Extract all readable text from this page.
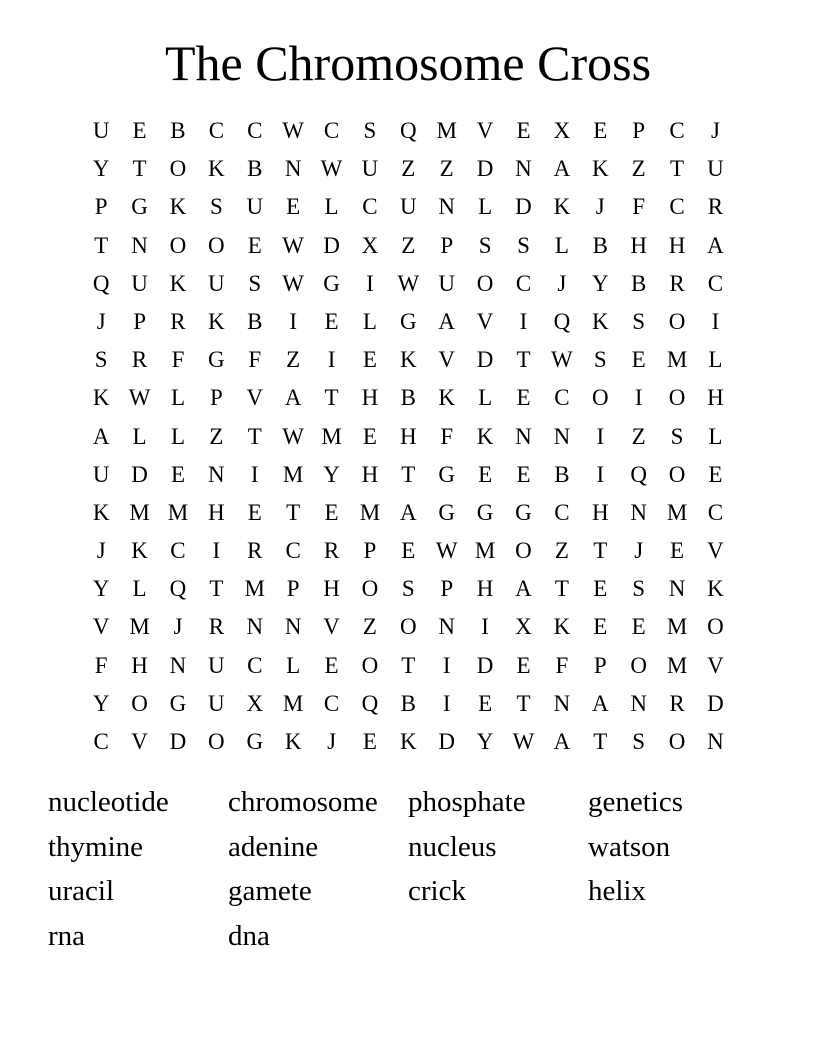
The Chromosome Cross
U	E	B	C	C W C	S	Q M V	E	X	E	P	C	J
Y	T	O K B N W U	Z	Z	D N A K	Z	T	U
P	G K	S	U	E	L	C U N	L	D K	J	F	C	R
T	N O O	E W D X	Z	P	S	S	L	B H H A
Q U K U	S W G	I	W U O C	J	Y B	R	C
J	P	R K B	I	E	L	G A V	I	Q K	S	O	I
S	R	F	G	F	Z	I	E	K V D	T W S	E M L
K W L	P	V A	T	H B K	L	E	C O	I	O H
A	L	L	Z	T W M E	H	F	K N N	I	Z	S	L
U D	E	N	I	M Y H	T	G	E	E	B	I	Q O	E
K M M H	E	T	E M A G G G C H N M C
J	K C	I	R	C	R	P	E W M O	Z	T	J	E	V
Y	L	Q	T M P	H O	S	P	H A	T	E	S	N K
V M	J	R N N V	Z	O N	I	X K	E	E M O
F	H N U C	L	E	O	T	I	D	E	F	P	O M V
Y O G U X M C Q B	I	E	T	N A N R D
C V D O G K	J	E	K D Y W A	T	S	O N
nucleotide	chromosome	phosphate	genetics
thymine	adenine	nucleus	watson
uracil	gamete	crick	helix
rna	dna
